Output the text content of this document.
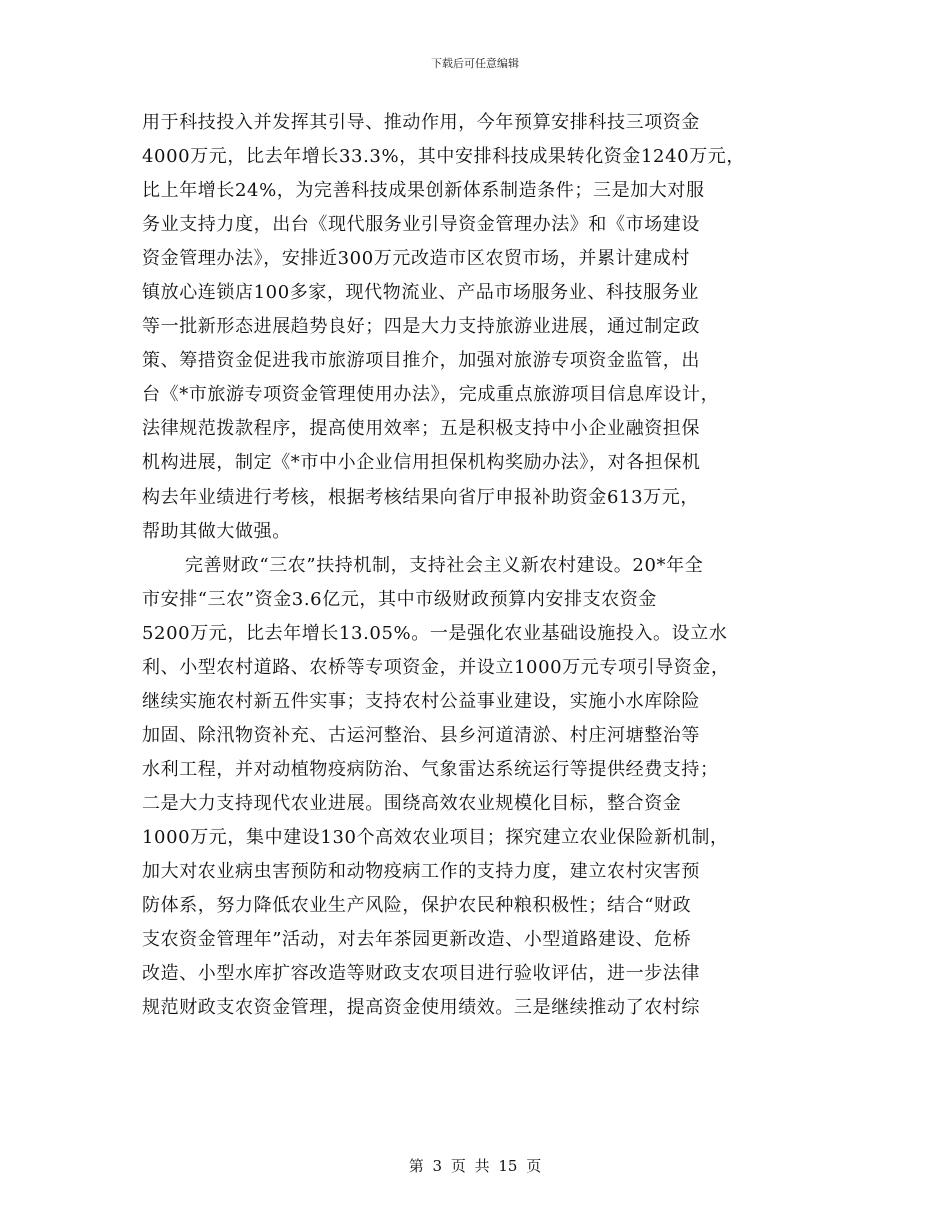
下载后可任意编辑
用于科技投入并发挥其引导、推动作用，今年预算安排科技三项资金
4000万元，比去年增长33.3%，其中安排科技成果转化资金1240万元，
比上年增长24%，为完善科技成果创新体系制造条件；三是加大对服
务业支持力度，出台《现代服务业引导资金管理办法》和《市场建设
资金管理办法》，安排近300万元改造市区农贸市场，并累计建成村
镇放心连锁店100多家，现代物流业、产品市场服务业、科技服务业
等一批新形态进展趋势良好；四是大力支持旅游业进展，通过制定政
策、筹措资金促进我市旅游项目推介，加强对旅游专项资金监管，出
台《*市旅游专项资金管理使用办法》，完成重点旅游项目信息库设计，
法律规范拨款程序，提高使用效率；五是积极支持中小企业融资担保
机构进展，制定《*市中小企业信用担保机构奖励办法》，对各担保机
构去年业绩进行考核，根据考核结果向省厅申报补助资金613万元，
帮助其做大做强。
完善财政“三农”扶持机制，支持社会主义新农村建设。20*年全
市安排“三农”资金3.6亿元，其中市级财政预算内安排支农资金
5200万元，比去年增长13.05%。一是强化农业基础设施投入。设立水
利、小型农村道路、农桥等专项资金，并设立1000万元专项引导资金，
继续实施农村新五件实事；支持农村公益事业建设，实施小水库除险
加固、除汛物资补充、古运河整治、县乡河道清淤、村庄河塘整治等
水利工程，并对动植物疫病防治、气象雷达系统运行等提供经费支持；
二是大力支持现代农业进展。围绕高效农业规模化目标，整合资金
1000万元，集中建设130个高效农业项目；探究建立农业保险新机制，
加大对农业病虫害预防和动物疫病工作的支持力度，建立农村灾害预
防体系，努力降低农业生产风险，保护农民种粮积极性；结合“财政
支农资金管理年”活动，对去年茶园更新改造、小型道路建设、危桥
改造、小型水库扩容改造等财政支农项目进行验收评估，进一步法律
规范财政支农资金管理，提高资金使用绩效。三是继续推动了农村综
第 3 页 共 15 页
